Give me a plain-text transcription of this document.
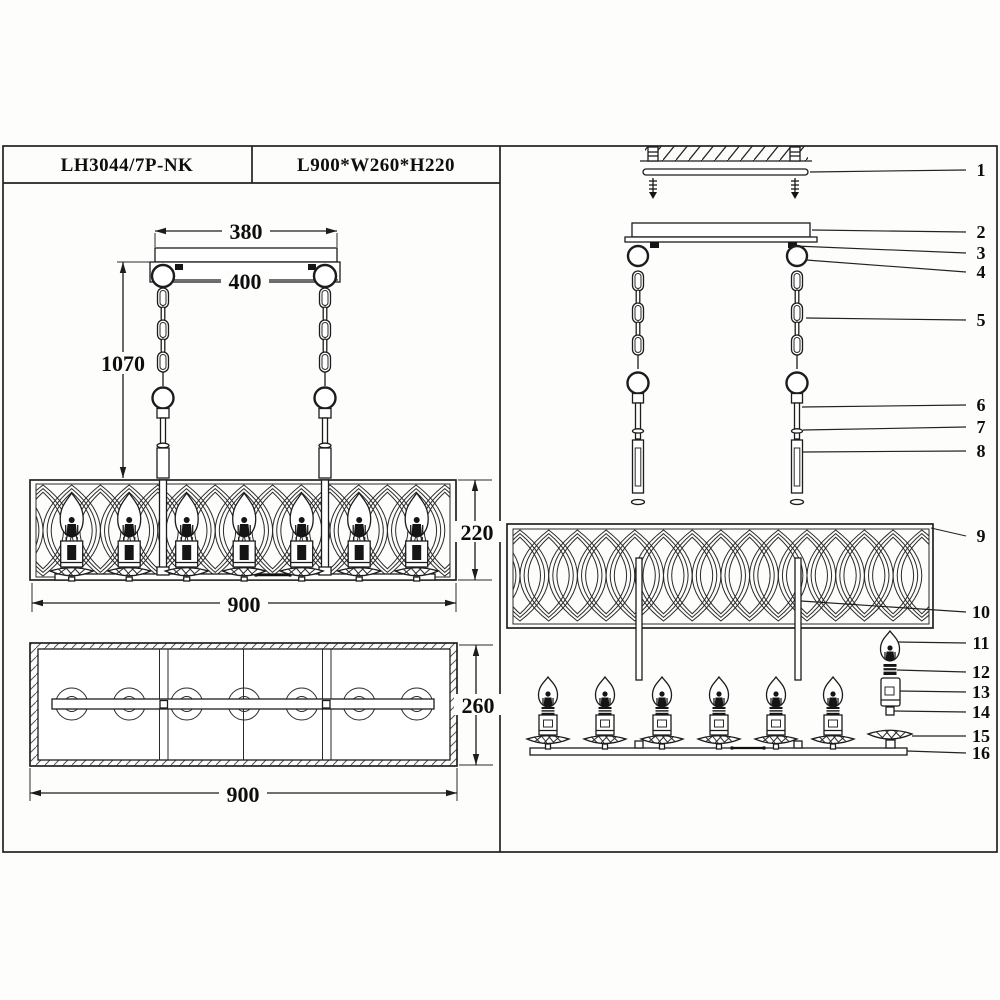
LH3044/7P-NK	L900*W260*H220
380
400
1070
220
900
260
900
1
2
3
4
5
6
7
8
9
10
11
12
13
14
15
16
